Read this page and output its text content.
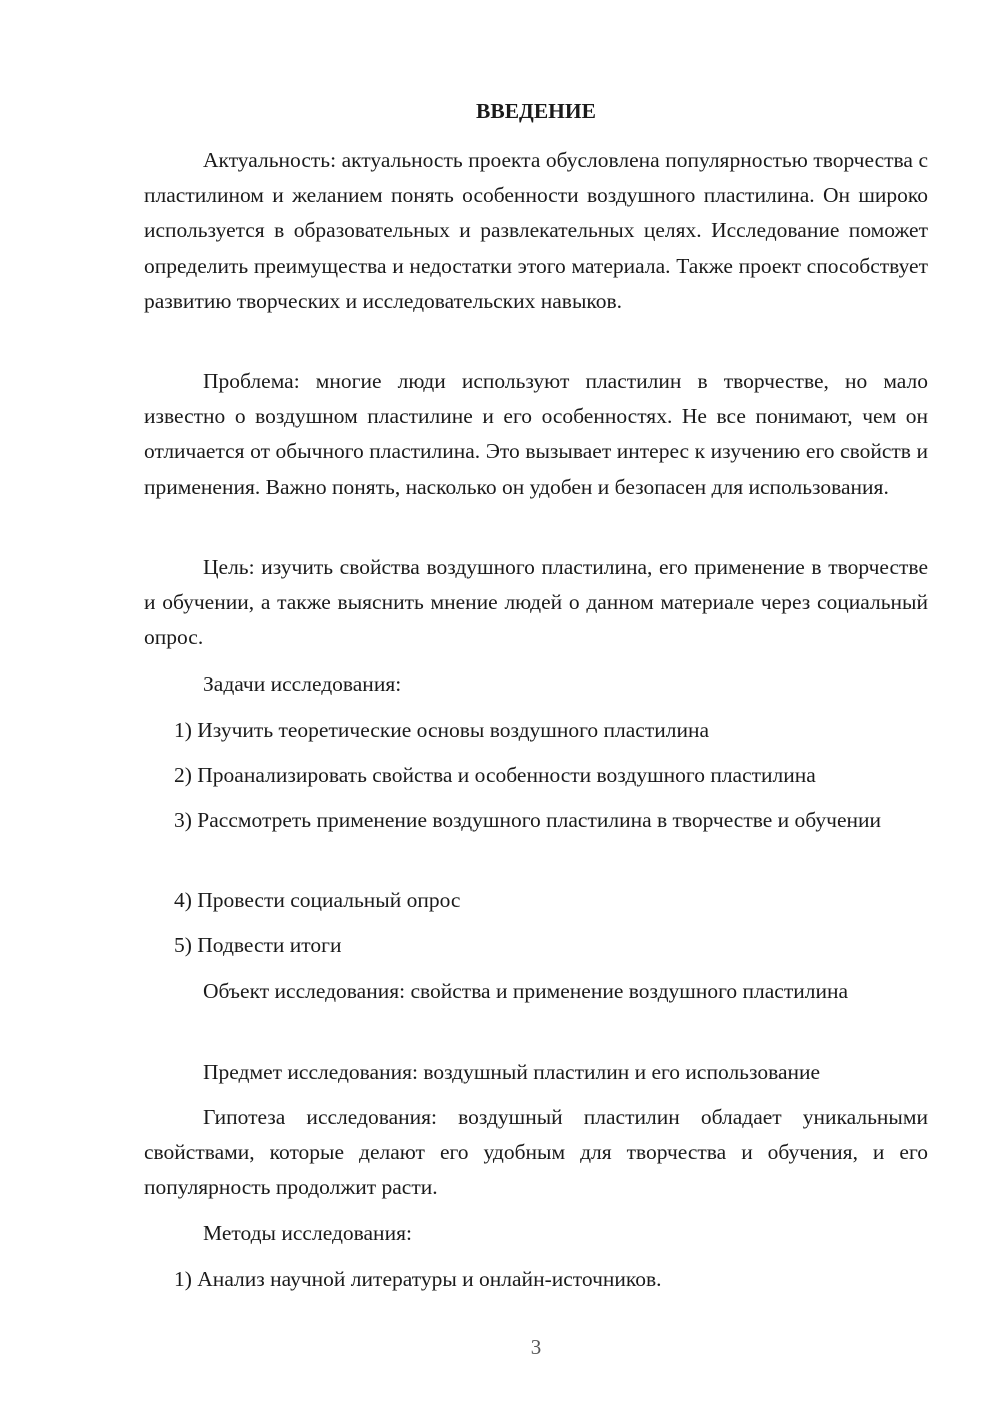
ВВЕДЕНИЕ

Актуальность: актуальность проекта обусловлена популярностью творчества с пластилином и желанием понять особенности воздушного пластилина. Он широко используется в образовательных и развлекательных целях. Исследование поможет определить преимущества и недостатки этого материала. Также проект способствует развитию творческих и исследовательских навыков.

Проблема: многие люди используют пластилин в творчестве, но мало известно о воздушном пластилине и его особенностях. Не все понимают, чем он отличается от обычного пластилина. Это вызывает интерес к изучению его свойств и применения. Важно понять, насколько он удобен и безопасен для использования.

Цель: изучить свойства воздушного пластилина, его применение в творчестве и обучении, а также выяснить мнение людей о данном материале через социальный опрос.

Задачи исследования:

1) Изучить теоретические основы воздушного пластилина

2) Проанализировать свойства и особенности воздушного пластилина

3) Рассмотреть применение воздушного пластилина в творчестве и обучении

4) Провести социальный опрос

5) Подвести итоги

Объект исследования: свойства и применение воздушного пластилина

Предмет исследования: воздушный пластилин и его использование

Гипотеза исследования: воздушный пластилин обладает уникальными свойствами, которые делают его удобным для творчества и обучения, и его популярность продолжит расти.

Методы исследования:

1) Анализ научной литературы и онлайн-источников.

3
